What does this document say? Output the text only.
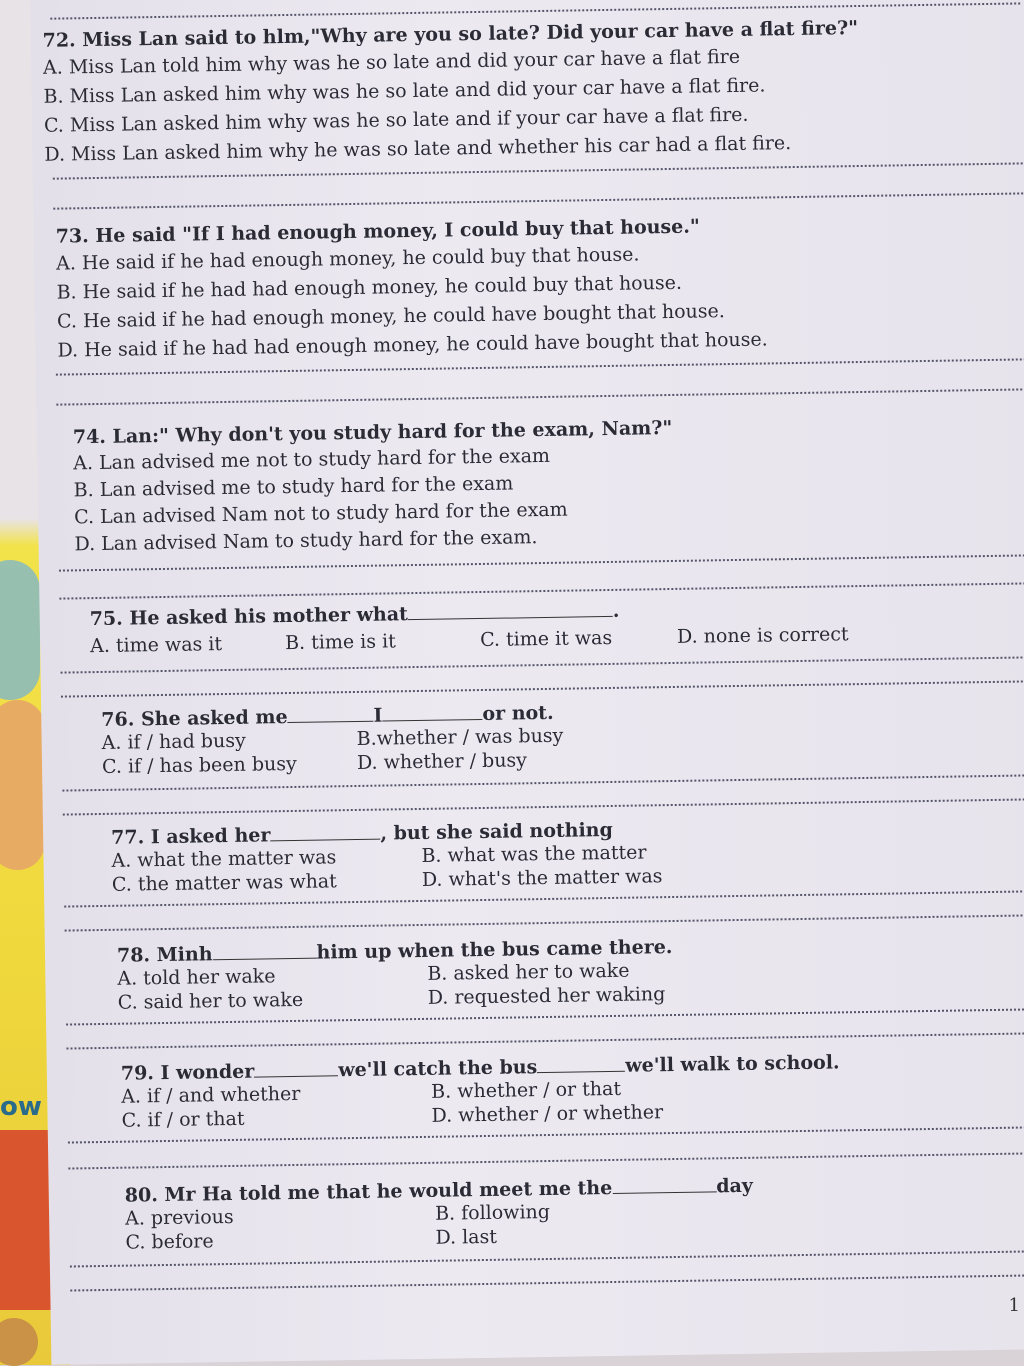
ow
72. Miss Lan said to hlm,"Why are you so late? Did your car have a flat fire?"
A. Miss Lan told him why was he so late and did your car have a flat fire
B. Miss Lan asked him why was he so late and did your car have a flat fire.
C. Miss Lan asked him why was he so late and if your car have a flat fire.
D. Miss Lan asked him why he was so late and whether his car had a flat fire.
73. He said "If I had enough money, I could buy that house."
A. He said if he had enough money, he could buy that house.
B. He said if he had had enough money, he could buy that house.
C. He said if he had enough money, he could have bought that house.
D. He said if he had had enough money, he could have bought that house.
74. Lan:" Why don't you study hard for the exam, Nam?"
A. Lan advised me not to study hard for the exam
B. Lan advised me to study hard for the exam
C. Lan advised Nam not to study hard for the exam
D. Lan advised Nam to study hard for the exam.
75. He asked his mother what	.
A. time was it	B. time is it	C. time it was	D. none is correct
76. She asked me	I	or not.
A. if / had busy	B.whether / was busy
C. if / has been busy	D. whether / busy
77. I asked her	, but she said nothing
A. what the matter was	B. what was the matter
C. the matter was what	D. what's the matter was
78. Minh	him up when the bus came there.
A. told her wake	B. asked her to wake
C. said her to wake	D. requested her waking
79. I wonder	we'll catch the bus	we'll walk to school.
A. if / and whether	B. whether / or that
C. if / or that	D. whether / or whether
80. Mr Ha told me that he would meet me the	day
A. previous	B. following
C. before	D. last
1
